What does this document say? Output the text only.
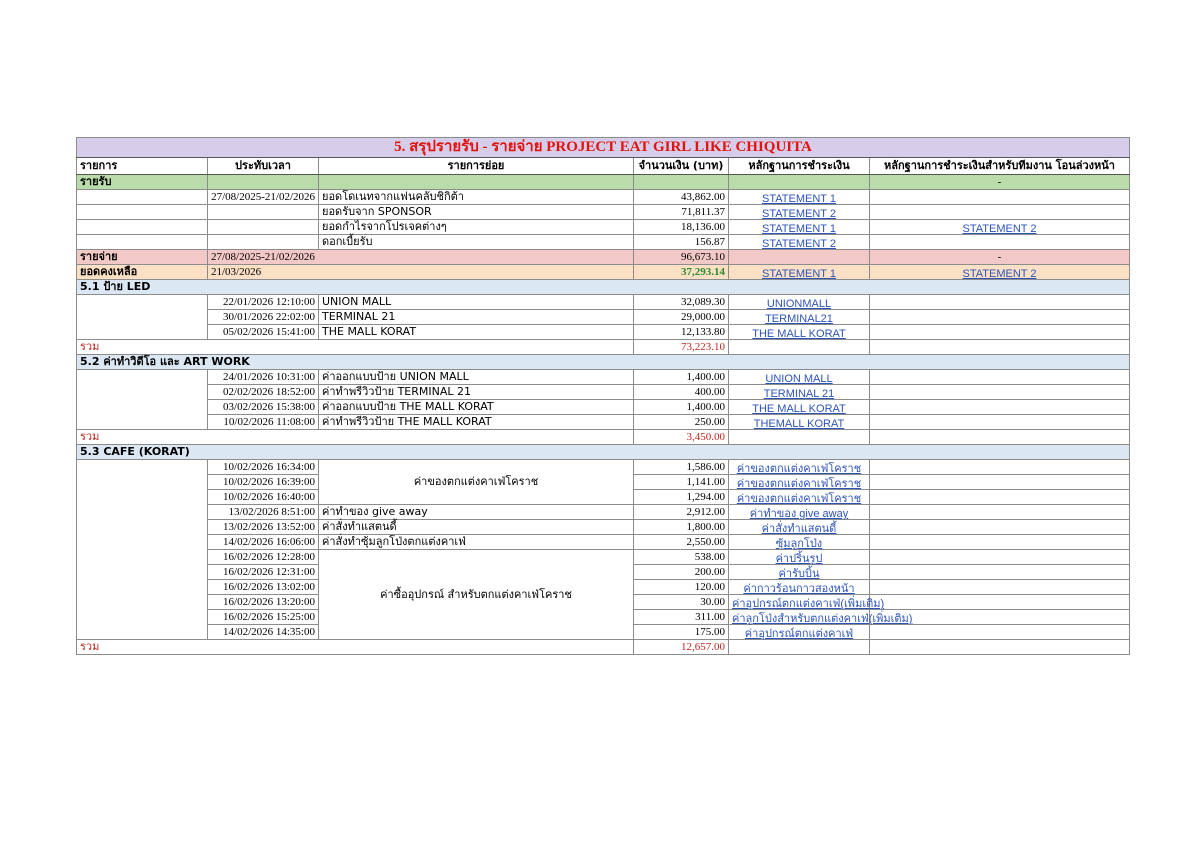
5. สรุปรายรับ - รายจ่าย PROJECT EAT GIRL LIKE CHIQUITA					
รายการ	ประทับเวลา	รายการย่อย	จำนวนเงิน (บาท)	หลักฐานการชำระเงิน	หลักฐานการชำระเงินสำหรับทีมงาน โอนล่วงหน้า
รายรับ					-
	27/08/2025-21/02/2026	ยอดโดเนทจากแฟนคลับชิกิต้า	43,862.00	STATEMENT 1	
		ยอดรับจาก SPONSOR	71,811.37	STATEMENT 2	
		ยอดกำไรจากโปรเจคต่างๆ	18,136.00	STATEMENT 1	STATEMENT 2
		ดอกเบี้ยรับ	156.87	STATEMENT 2	
รายจ่าย	27/08/2025-21/02/2026		96,673.10		-
ยอดคงเหลือ	21/03/2026		37,293.14	STATEMENT 1	STATEMENT 2
5.1 ป้าย LED					
	22/01/2026 12:10:00	UNION MALL	32,089.30	UNIONMALL	
	30/01/2026 22:02:00	TERMINAL 21	29,000.00	TERMINAL21	
	05/02/2026 15:41:00	THE MALL KORAT	12,133.80	THE MALL KORAT	
รวม			73,223.10		
5.2 ค่าทำวิดีโอ และ ART WORK					
	24/01/2026 10:31:00	ค่าออกแบบป้าย UNION MALL	1,400.00	UNION MALL	
	02/02/2026 18:52:00	ค่าทำพรีวิวป้าย TERMINAL 21	400.00	TERMINAL 21	
	03/02/2026 15:38:00	ค่าออกแบบป้าย THE MALL KORAT	1,400.00	THE MALL KORAT	
	10/02/2026 11:08:00	ค่าทำพรีวิวป้าย THE MALL KORAT	250.00	THEMALL KORAT	
รวม			3,450.00		
5.3 CAFE (KORAT)					
	10/02/2026 16:34:00	ค่าของตกแต่งคาเฟ่โคราช	1,586.00	ค่าของตกแต่งคาเฟ่โคราช	
	10/02/2026 16:39:00		1,141.00	ค่าของตกแต่งคาเฟ่โคราช	
	10/02/2026 16:40:00		1,294.00	ค่าของตกแต่งคาเฟ่โคราช	
	13/02/2026 8:51:00	ค่าทำของ give away	2,912.00	ค่าทำของ give away	
	13/02/2026 13:52:00	ค่าสั่งทำแสตนดี้	1,800.00	ค่าสั่งทำแสตนดี้	
	14/02/2026 16:06:00	ค่าสั่งทำซุ้มลูกโป่งตกแต่งคาเฟ่	2,550.00	ซุ้มลูกโป่ง	
	16/02/2026 12:28:00	ค่าซื้ออุปกรณ์ สำหรับตกแต่งคาเฟ่โคราช	538.00	ค่าปริ้นรูป	
	16/02/2026 12:31:00		200.00	ค่ารับบิ้น	
	16/02/2026 13:02:00		120.00	ค่ากาวร้อนกาวสองหน้า	
	16/02/2026 13:20:00		30.00	ค่าอุปกรณ์ตกแต่งคาเฟ่(เพิ่มเติม)	
	16/02/2026 15:25:00		311.00	ค่าลูกโป่งสำหรับตกแต่งคาเฟ่(เพิ่มเติม)	
	14/02/2026 14:35:00		175.00	ค่าอุปกรณ์ตกแต่งคาเฟ่	
รวม			12,657.00		
